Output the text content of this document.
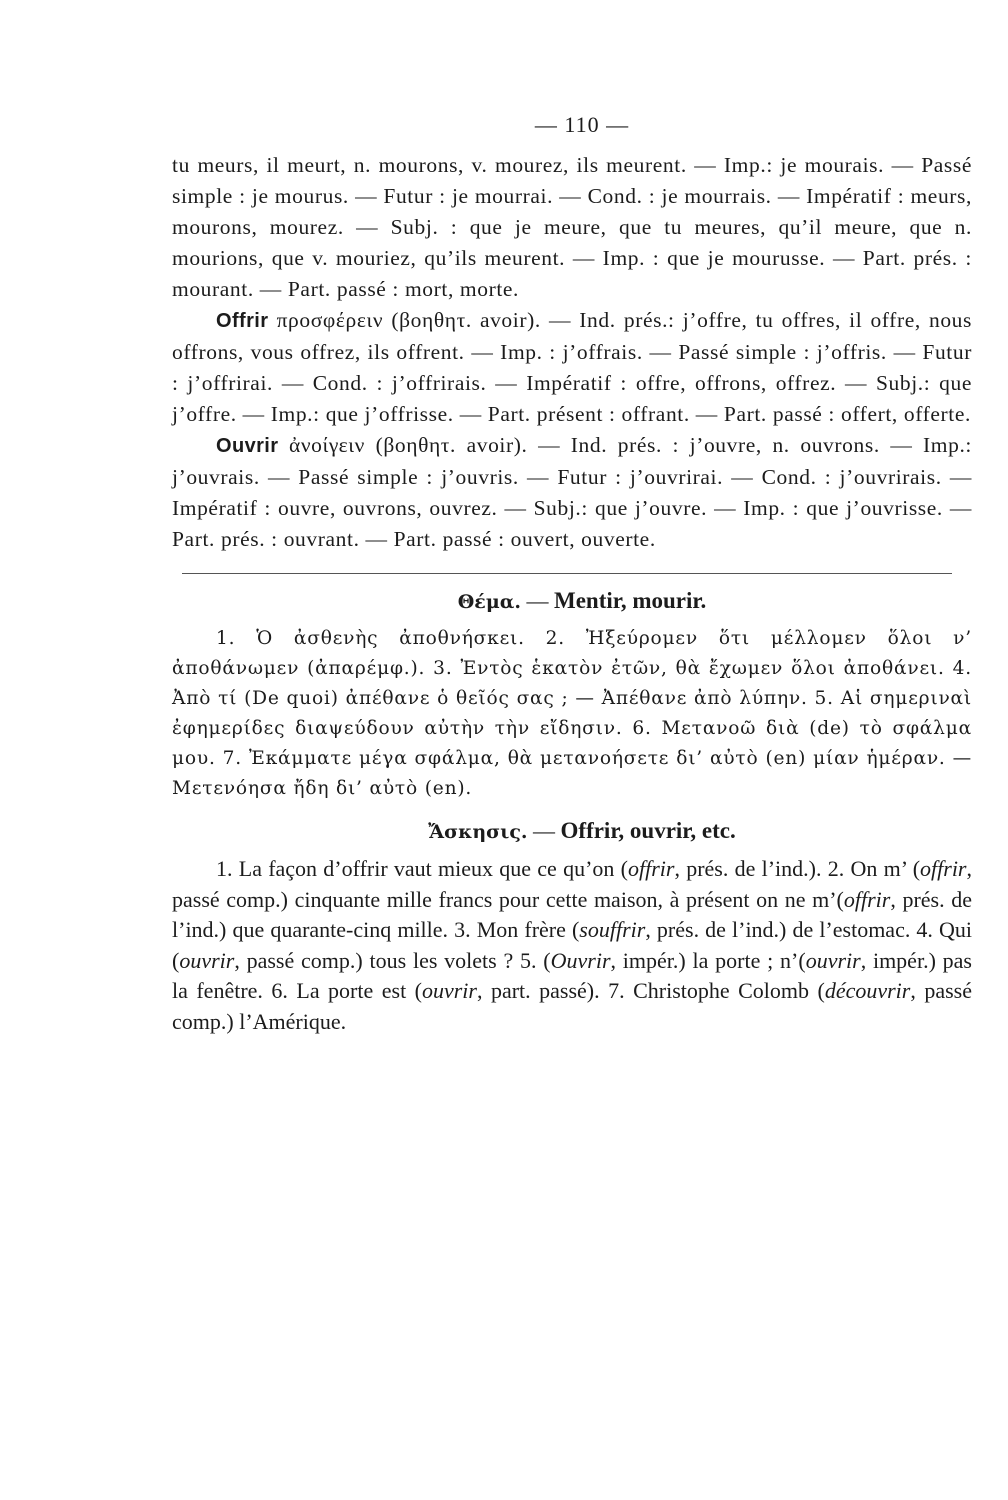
— 110 —

tu meurs, il meurt, n. mourons, v. mourez, ils meurent. — Imp.: je mourais. — Passé simple : je mourus. — Futur : je mourrai. — Cond. : je mourrais. — Impératif : meurs, mourons, mourez. — Subj. : que je meure, que tu meures, qu’il meure, que n. mourions, que v. mouriez, qu’ils meurent. — Imp. : que je mourusse. — Part. prés. : mourant. — Part. passé : mort, morte.

Offrir προσφέρειν (βοηθητ. avoir). — Ind. prés.: j’offre, tu offres, il offre, nous offrons, vous offrez, ils offrent. — Imp. : j’offrais. — Passé simple : j’offris. — Futur : j’offrirai. — Cond. : j’offrirais. — Impératif : offre, offrons, offrez. — Subj.: que j’offre. — Imp.: que j’offrisse. — Part. présent : offrant. — Part. passé : offert, offerte.

Ouvrir ἀνοίγειν (βοηθητ. avoir). — Ind. prés. : j’ouvre, n. ouvrons. — Imp.: j’ouvrais. — Passé simple : j’ouvris. — Futur : j’ouvrirai. — Cond. : j’ouvrirais. — Impératif : ouvre, ouvrons, ouvrez. — Subj.: que j’ouvre. — Imp. : que j’ouvrisse. — Part. prés. : ouvrant. — Part. passé : ouvert, ouverte.

Θέμα. — Mentir, mourir.

1. Ὁ ἀσθενὴς ἀποθνήσκει. 2. Ἠξεύρομεν ὅτι μέλλομεν ὅλοι ν’ ἀποθάνωμεν (ἀπαρέμφ.). 3. Ἐντὸς ἑκατὸν ἐτῶν, θὰ ἔχωμεν ὅλοι ἀποθάνει. 4. Ἀπὸ τί (De quoi) ἀπέθανε ὁ θεῖός σας ; — Ἀπέθανε ἀπὸ λύπην. 5. Αἱ σημεριναὶ ἐφημερίδες διαψεύδουν αὐτὴν τὴν εἴδησιν. 6. Μετανοῶ διὰ (de) τὸ σφάλμα μου. 7. Ἐκάμματε μέγα σφάλμα, θὰ μετανοήσετε δι’ αὐτὸ (en) μίαν ἡμέραν. —Μετενόησα ἤδη δι’ αὐτὸ (en).

Ἄσκησις. — Offrir, ouvrir, etc.

1. La façon d’offrir vaut mieux que ce qu’on (offrir, prés. de l’ind.). 2. On m’ (offrir, passé comp.) cinquante mille francs pour cette maison, à présent on ne m’(offrir, prés. de l’ind.) que quarante-cinq mille. 3. Mon frère (souffrir, prés. de l’ind.) de l’estomac. 4. Qui (ouvrir, passé comp.) tous les volets ? 5. (Ouvrir, impér.) la porte ; n’(ouvrir, impér.) pas la fenêtre. 6. La porte est (ouvrir, part. passé). 7. Christophe Colomb (découvrir, passé comp.) l’Amérique.
